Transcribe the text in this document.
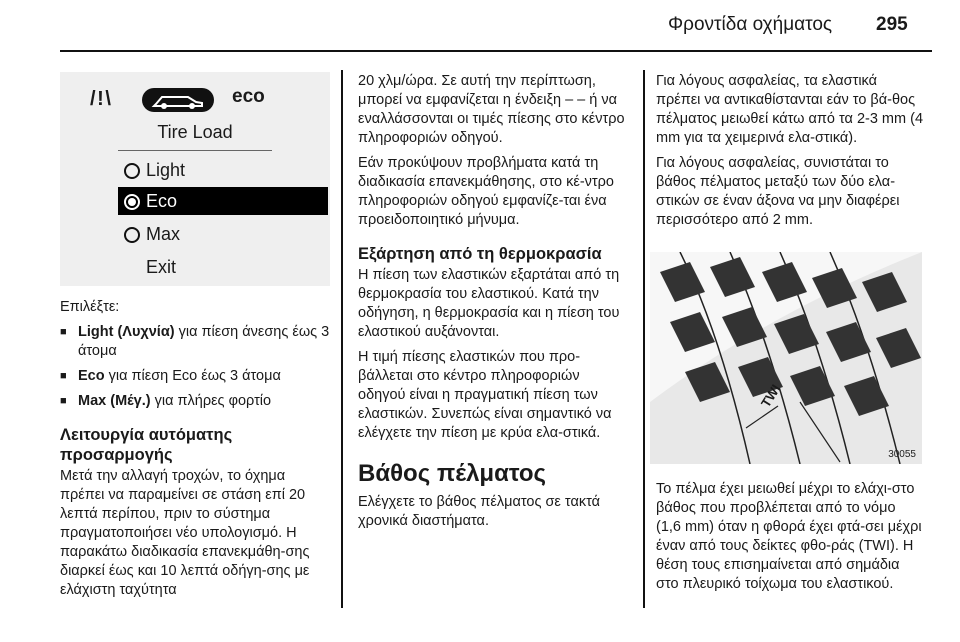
Φροντίδα οχήματος 295
/ ! \	eco
Tire Load
Light
Eco
Max
Exit

Επιλέξτε:

■ Light (Λυχνία) για πίεση άνεσης έως 3 άτομα
■ Eco για πίεση Eco έως 3 άτομα
■ Max (Μέγ.) για πλήρες φορτίο
Λειτουργία αυτόματης προσαρμογής

Μετά την αλλαγή τροχών, το όχημα πρέπει να παραμείνει σε στάση επί 20 λεπτά περίπου, πριν το σύστημα πραγματοποιήσει νέο υπολογισμό. Η παρακάτω διαδικασία επανεκμάθη-σης διαρκεί έως και 10 λεπτά οδήγη-σης με ελάχιστη ταχύτητα

20 χλμ/ώρα. Σε αυτή την περίπτωση, μπορεί να εμφανίζεται η ένδειξη – – ή να εναλλάσσονται οι τιμές πίεσης στο κέντρο πληροφοριών οδηγού.

Εάν προκύψουν προβλήματα κατά τη διαδικασία επανεκμάθησης, στο κέ-ντρο πληροφοριών οδηγού εμφανίζε-ται ένα προειδοποιητικό μήνυμα.

Εξάρτηση από τη θερμοκρασία

Η πίεση των ελαστικών εξαρτάται από τη θερμοκρασία του ελαστικού. Κατά την οδήγηση, η θερμοκρασία και η πίεση του ελαστικού αυξάνονται.

Η τιμή πίεσης ελαστικών που προ-βάλλεται στο κέντρο πληροφοριών οδηγού είναι η πραγματική πίεση των ελαστικών. Συνεπώς είναι σημαντικό να ελέγχετε την πίεση με κρύα ελα-στικά.

Βάθος πέλματος

Ελέγχετε το βάθος πέλματος σε τακτά χρονικά διαστήματα.

Για λόγους ασφαλείας, τα ελαστικά πρέπει να αντικαθίστανται εάν το βά-θος πέλματος μειωθεί κάτω από τα 2-3 mm (4 mm για τα χειμερινά ελα-στικά).

Για λόγους ασφαλείας, συνιστάται το βάθος πέλματος μεταξύ των δύο ελα-στικών σε έναν άξονα να μην διαφέρει περισσότερο από 2 mm.

TWI
30055

Το πέλμα έχει μειωθεί μέχρι το ελάχι-στο βάθος που προβλέπεται από το νόμο (1,6 mm) όταν η φθορά έχει φτά-σει μέχρι έναν από τους δείκτες φθο-ράς (TWI). Η θέση τους επισημαίνεται από σημάδια στο πλευρικό τοίχωμα του ελαστικού.
